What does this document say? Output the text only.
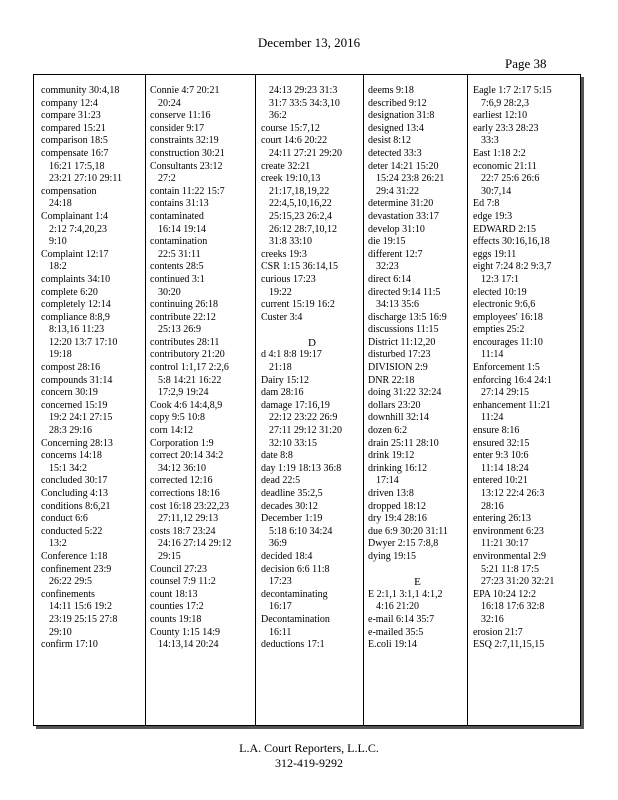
December 13, 2016
Page 38
community 30:4,18
company 12:4
compare 31:23
compared 15:21
comparison 18:5
compensate 16:7
16:21 17:5,18
23:21 27:10 29:11
compensation
24:18
Complainant 1:4
2:12 7:4,20,23
9:10
Complaint 12:17
18:2
complaints 34:10
complete 6:20
completely 12:14
compliance 8:8,9
8:13,16 11:23
12:20 13:7 17:10
19:18
compost 28:16
compounds 31:14
concern 30:19
concerned 15:19
19:2 24:1 27:15
28:3 29:16
Concerning 28:13
concerns 14:18
15:1 34:2
concluded 30:17
Concluding 4:13
conditions 8:6,21
conduct 6:6
conducted 5:22
13:2
Conference 1:18
confinement 23:9
26:22 29:5
confinements
14:11 15:6 19:2
23:19 25:15 27:8
29:10
confirm 17:10
Connie 4:7 20:21
20:24
conserve 11:16
consider 9:17
constraints 32:19
construction 30:21
Consultants 23:12
27:2
contain 11:22 15:7
contains 31:13
contaminated
16:14 19:14
contamination
22:5 31:11
contents 28:5
continued 3:1
30:20
continuing 26:18
contribute 22:12
25:13 26:9
contributes 28:11
contributory 21:20
control 1:1,17 2:2,6
5:8 14:21 16:22
17:2,9 19:24
Cook 4:6 14:4,8,9
copy 9:5 10:8
corn 14:12
Corporation 1:9
correct 20:14 34:2
34:12 36:10
corrected 12:16
corrections 18:16
cost 16:18 23:22,23
27:11,12 29:13
costs 18:7 23:24
24:16 27:14 29:12
29:15
Council 27:23
counsel 7:9 11:2
count 18:13
counties 17:2
counts 19:18
County 1:15 14:9
14:13,14 20:24
24:13 29:23 31:3
31:7 33:5 34:3,10
36:2
course 15:7,12
court 14:6 20:22
24:11 27:21 29:20
create 32:21
creek 19:10,13
21:17,18,19,22
22:4,5,10,16,22
25:15,23 26:2,4
26:12 28:7,10,12
31:8 33:10
creeks 19:3
CSR 1:15 36:14,15
curious 17:23
19:22
current 15:19 16:2
Custer 3:4
D
d 4:1 8:8 19:17
21:18
Dairy 15:12
dam 28:16
damage 17:16,19
22:12 23:22 26:9
27:11 29:12 31:20
32:10 33:15
date 8:8
day 1:19 18:13 36:8
dead 22:5
deadline 35:2,5
decades 30:12
December 1:19
5:18 6:10 34:24
36:9
decided 18:4
decision 6:6 11:8
17:23
decontaminating
16:17
Decontamination
16:11
deductions 17:1
deems 9:18
described 9:12
designation 31:8
designed 13:4
desist 8:12
detected 33:3
deter 14:21 15:20
15:24 23:8 26:21
29:4 31:22
determine 31:20
devastation 33:17
develop 31:10
die 19:15
different 12:7
32:23
direct 6:14
directed 9:14 11:5
34:13 35:6
discharge 13:5 16:9
discussions 11:15
District 11:12,20
disturbed 17:23
DIVISION 2:9
DNR 22:18
doing 31:22 32:24
dollars 23:20
downhill 32:14
dozen 6:2
drain 25:11 28:10
drink 19:12
drinking 16:12
17:14
driven 13:8
dropped 18:12
dry 19:4 28:16
due 6:9 30:20 31:11
Dwyer 2:15 7:8,8
dying 19:15
E
E 2:1,1 3:1,1 4:1,2
4:16 21:20
e-mail 6:14 35:7
e-mailed 35:5
E.coli 19:14
Eagle 1:7 2:17 5:15
7:6,9 28:2,3
earliest 12:10
early 23:3 28:23
33:3
East 1:18 2:2
economic 21:11
22:7 25:6 26:6
30:7,14
Ed 7:8
edge 19:3
EDWARD 2:15
effects 30:16,16,18
eggs 19:11
eight 7:24 8:2 9:3,7
12:3 17:1
elected 10:19
electronic 9:6,6
employees' 16:18
empties 25:2
encourages 11:10
11:14
Enforcement 1:5
enforcing 16:4 24:1
27:14 29:15
enhancement 11:21
11:24
ensure 8:16
ensured 32:15
enter 9:3 10:6
11:14 18:24
entered 10:21
13:12 22:4 26:3
28:16
entering 26:13
environment 6:23
11:21 30:17
environmental 2:9
5:21 11:8 17:5
27:23 31:20 32:21
EPA 10:24 12:2
16:18 17:6 32:8
32:16
erosion 21:7
ESQ 2:7,11,15,15
L.A. Court Reporters, L.L.C.
312-419-9292
